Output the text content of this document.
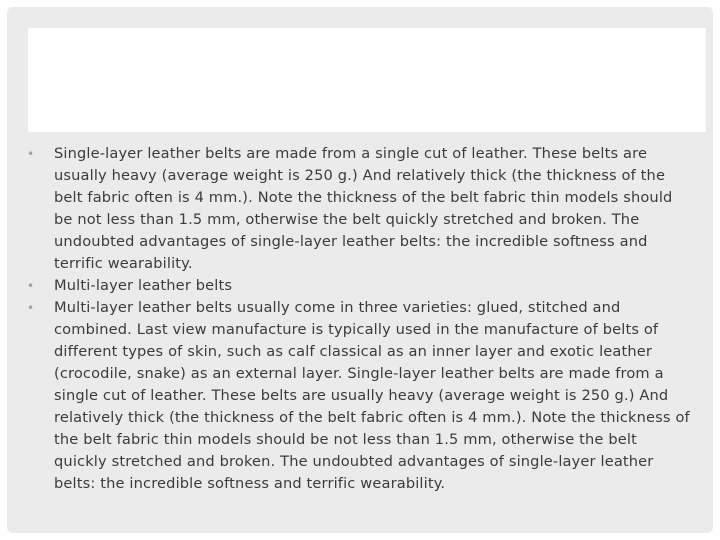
• Single-layer leather belts are made from a single cut of leather. These belts are usually heavy (average weight is 250 g.) And relatively thick (the thickness of the belt fabric often is 4 mm.). Note the thickness of the belt fabric thin models should be not less than 1.5 mm, otherwise the belt quickly stretched and broken. The undoubted advantages of single-layer leather belts: the incredible softness and terrific wearability.
• Multi-layer leather belts
• Multi-layer leather belts usually come in three varieties: glued, stitched and combined. Last view manufacture is typically used in the manufacture of belts of different types of skin, such as calf classical as an inner layer and exotic leather (crocodile, snake) as an external layer. Single-layer leather belts are made from a single cut of leather. These belts are usually heavy (average weight is 250 g.) And relatively thick (the thickness of the belt fabric often is 4 mm.). Note the thickness of the belt fabric thin models should be not less than 1.5 mm, otherwise the belt quickly stretched and broken. The undoubted advantages of single-layer leather belts: the incredible softness and terrific wearability.
